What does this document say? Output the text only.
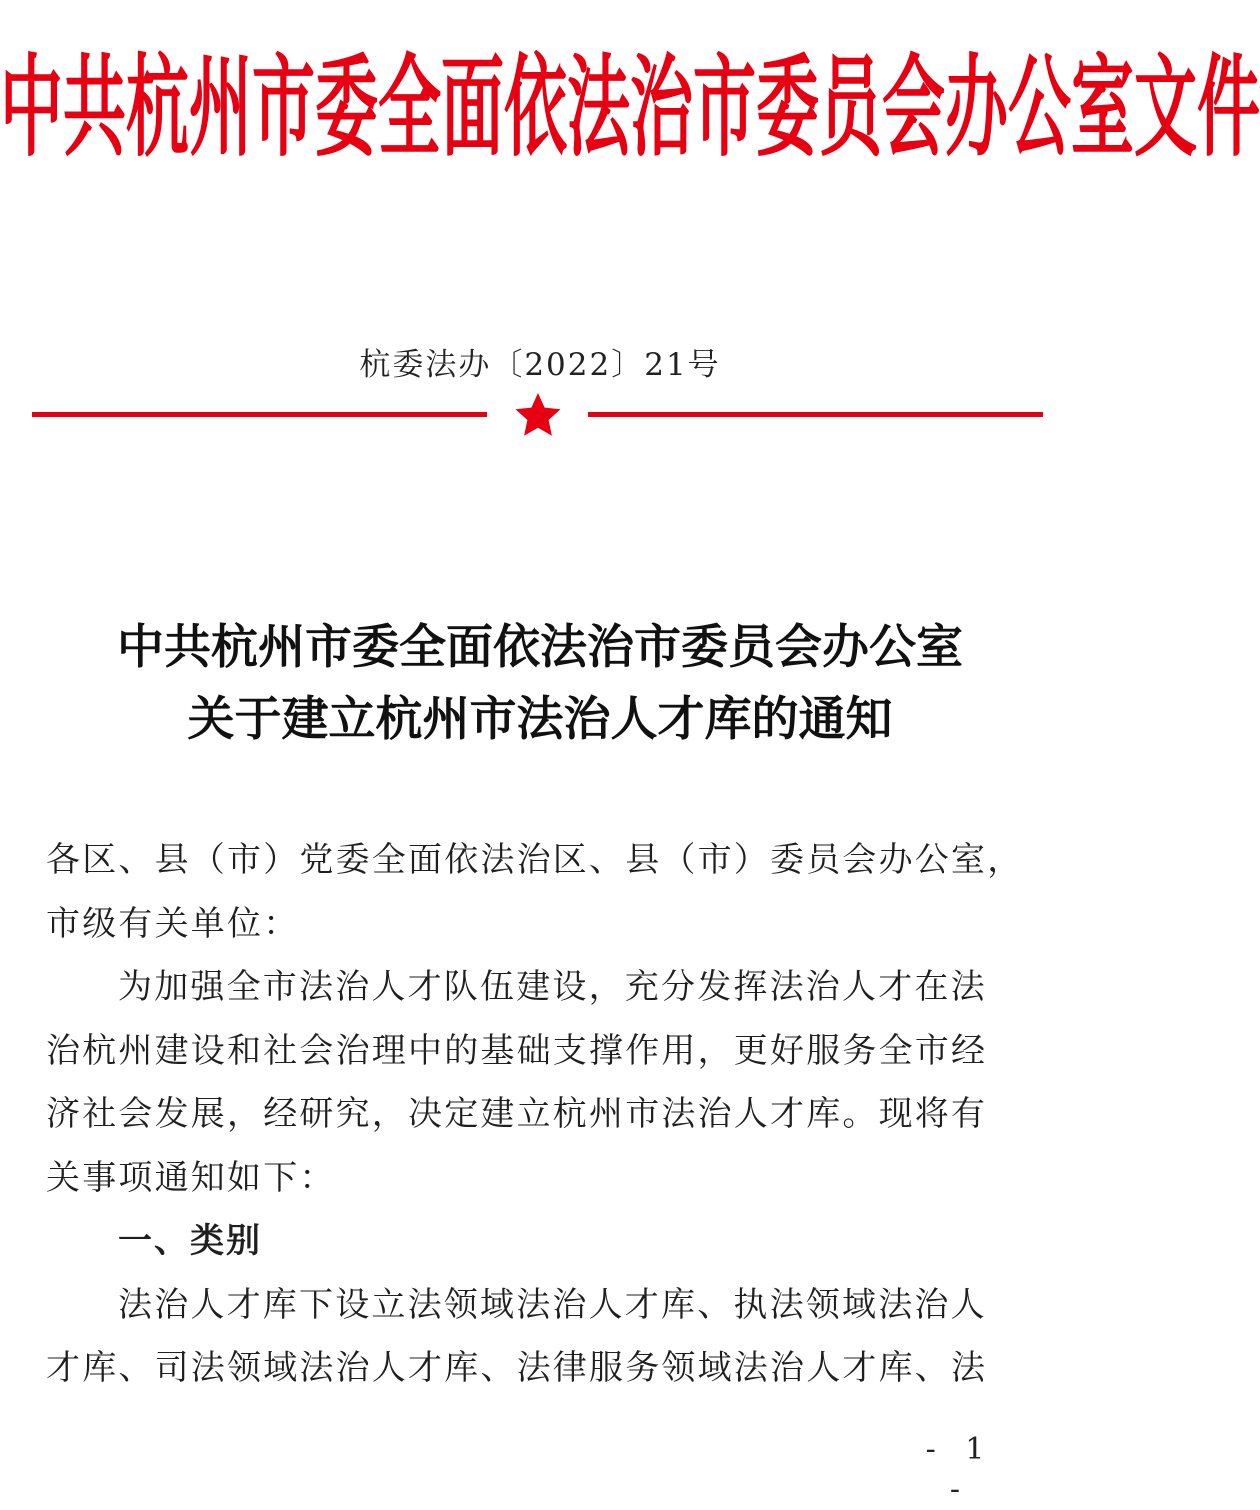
中共杭州市委全面依法治市委员会办公室文件
杭委法办〔2022〕21号
中共杭州市委全面依法治市委员会办公室
关于建立杭州市法治人才库的通知
各区、县（市）党委全面依法治区、县（市）委员会办公室，
市级有关单位：
为加强全市法治人才队伍建设，充分发挥法治人才在法
治杭州建设和社会治理中的基础支撑作用，更好服务全市经
济社会发展，经研究，决定建立杭州市法治人才库。现将有
关事项通知如下：
一、类别
法治人才库下设立法领域法治人才库、执法领域法治人
才库、司法领域法治人才库、法律服务领域法治人才库、法
- 1 -
